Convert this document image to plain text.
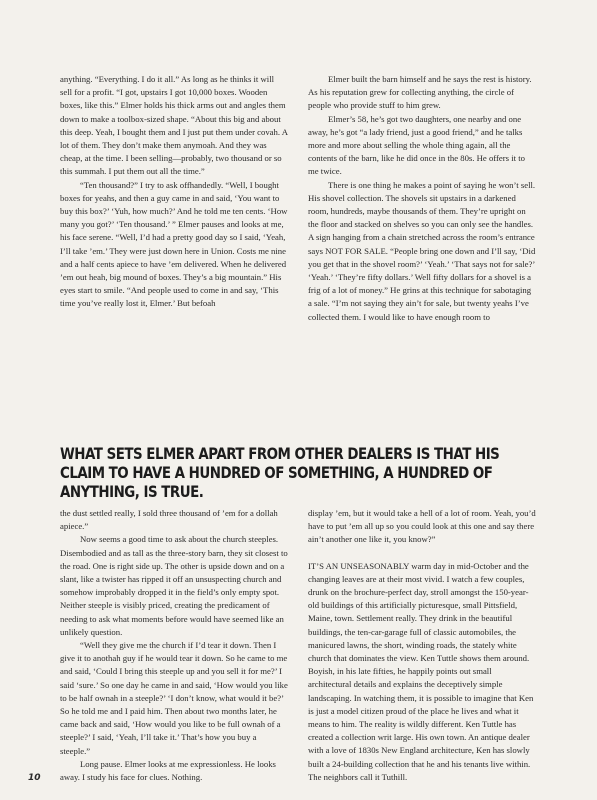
anything. “Everything. I do it all.” As long as he thinks it will sell for a profit. “I got, upstairs I got 10,000 boxes. Wooden boxes, like this.” Elmer holds his thick arms out and angles them down to make a toolbox-sized shape. “About this big and about this deep. Yeah, I bought them and I just put them under covah. A lot of them. They don’t make them anymoah. And they was cheap, at the time. I been selling—probably, two thousand or so this summah. I put them out all the time.”

“Ten thousand?” I try to ask offhandedly. “Well, I bought boxes for yeahs, and then a guy came in and said, ‘You want to buy this box?’ ‘Yuh, how much?’ And he told me ten cents. ‘How many you got?’ ‘Ten thousand.’ ” Elmer pauses and looks at me, his face serene. “Well, I’d had a pretty good day so I said, ‘Yeah, I’ll take ’em.’ They were just down here in Union. Costs me nine and a half cents apiece to have ’em delivered. When he delivered ’em out heah, big mound of boxes. They’s a big mountain.” His eyes start to smile. “And people used to come in and say, ‘This time you’ve really lost it, Elmer.’ But befoah

Elmer built the barn himself and he says the rest is history. As his reputation grew for collecting anything, the circle of people who provide stuff to him grew.

Elmer’s 58, he’s got two daughters, one nearby and one away, he’s got “a lady friend, just a good friend,” and he talks more and more about selling the whole thing again, all the contents of the barn, like he did once in the 80s. He offers it to me twice.

There is one thing he makes a point of saying he won’t sell. His shovel collection. The shovels sit upstairs in a darkened room, hundreds, maybe thousands of them. They’re upright on the floor and stacked on shelves so you can only see the handles. A sign hanging from a chain stretched across the room’s entrance says NOT FOR SALE. “People bring one down and I’ll say, ‘Did you get that in the shovel room?’ ‘Yeah.’ ‘That says not for sale?’ ‘Yeah.’ ‘They’re fifty dollars.’ Well fifty dollars for a shovel is a frig of a lot of money.” He grins at this technique for sabotaging a sale. “I’m not saying they ain’t for sale, but twenty yeahs I’ve collected them. I would like to have enough room to

WHAT SETS ELMER APART FROM OTHER DEALERS IS THAT HIS CLAIM TO HAVE A HUNDRED OF SOMETHING, A HUNDRED OF ANYTHING, IS TRUE.

the dust settled really, I sold three thousand of ’em for a dollah apiece.”

Now seems a good time to ask about the church steeples. Disembodied and as tall as the three-story barn, they sit closest to the road. One is right side up. The other is upside down and on a slant, like a twister has ripped it off an unsuspecting church and somehow improbably dropped it in the field’s only empty spot. Neither steeple is visibly priced, creating the predicament of needing to ask what moments before would have seemed like an unlikely question.

“Well they give me the church if I’d tear it down. Then I give it to anothah guy if he would tear it down. So he came to me and said, ‘Could I bring this steeple up and you sell it for me?’ I said ‘sure.’ So one day he came in and said, ‘How would you like to be half ownah in a steeple?’ ‘I don’t know, what would it be?’ So he told me and I paid him. Then about two months later, he came back and said, ‘How would you like to be full ownah of a steeple?’ I said, ‘Yeah, I’ll take it.’ That’s how you buy a steeple.”

Long pause. Elmer looks at me expressionless. He looks away. I study his face for clues. Nothing.

display ’em, but it would take a hell of a lot of room. Yeah, you’d have to put ’em all up so you could look at this one and say there ain’t another one like it, you know?”

IT’S AN UNSEASONABLY warm day in mid-October and the changing leaves are at their most vivid. I watch a few couples, drunk on the brochure-perfect day, stroll amongst the 150-year-old buildings of this artificially picturesque, small Pittsfield, Maine, town. Settlement really. They drink in the beautiful buildings, the ten-car-garage full of classic automobiles, the manicured lawns, the short, winding roads, the stately white church that dominates the view. Ken Tuttle shows them around. Boyish, in his late fifties, he happily points out small architectural details and explains the deceptively simple landscaping. In watching them, it is possible to imagine that Ken is just a model citizen proud of the place he lives and what it means to him. The reality is wildly different. Ken Tuttle has created a collection writ large. His own town. An antique dealer with a love of 1830s New England architecture, Ken has slowly built a 24-building collection that he and his tenants live within. The neighbors call it Tuthill.

10
